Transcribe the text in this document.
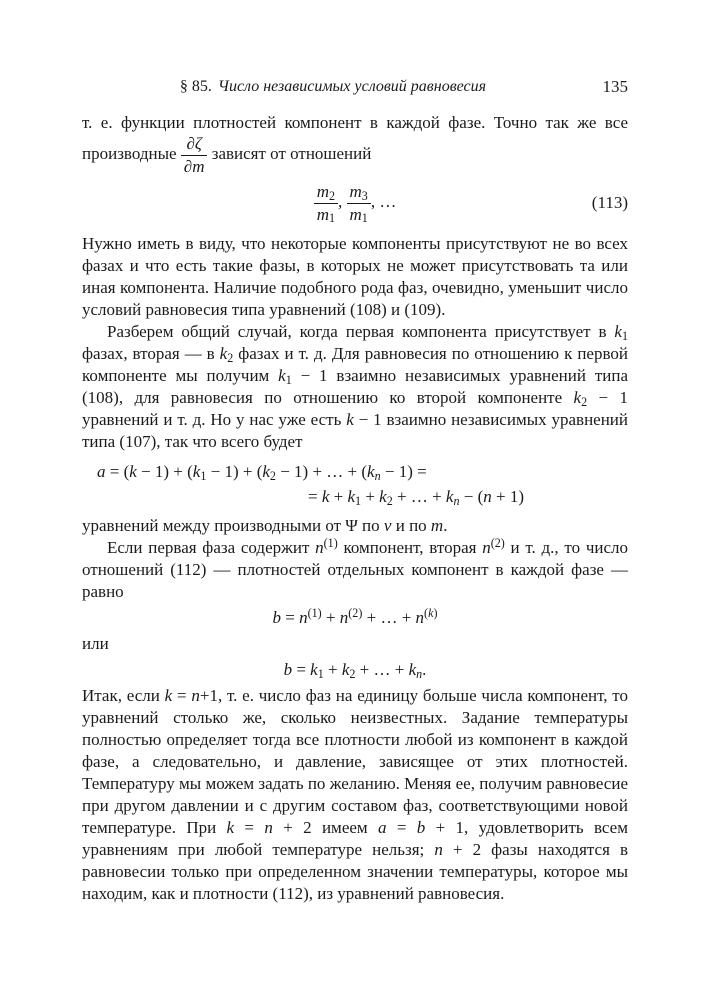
§ 85. Число независимых условий равновесия	135

т. е. функции плотностей компонент в каждой фазе. Точно так же все производные $\frac{\partial\zeta}{\partial m}$ зависят от отношений

$\frac{m_2}{m_1}$ , $\frac{m_3}{m_1}$ , …	(113)

Нужно иметь в виду, что некоторые компоненты присутствуют не во всех фазах и что есть такие фазы, в которых не может присутствовать та или иная компонента. Наличие подобного рода фаз, очевидно, уменьшит число условий равновесия типа уравнений (108) и (109).

Разберем общий случай, когда первая компонента присутствует в $k_1$ фазах, вторая — в $k_2$ фазах и т. д. Для равновесия по отношению к первой компоненте мы получим $k_1 - 1$ взаимно независимых уравнений типа (108), для равновесия по отношению ко второй компоненте $k_2 - 1$ уравнений и т. д. Но у нас уже есть k − 1 взаимно независимых уравнений типа (107), так что всего будет

$a = (k - 1) + (k_1 - 1) + (k_2 - 1)$ + … + $(k_n - 1)$ =
= $k + k_1 + k_2$ + … + $k_n - (n + 1)$

уравнений между производными от Ψ по v и по m.

Если первая фаза содержит $n^{(1)}$ компонент, вторая $n^{(2)}$ и т. д., то число отношений (112) — плотностей отдельных компонент в каждой фазе — равно

$b = n^{(1)} + n^{(2)}$ + … + $n^{(k)}$

или

$b = k_1 + k_2$ + … + $k_n$.

Итак, если k = n+1, т. е. число фаз на единицу больше числа компонент, то уравнений столько же, сколько неизвестных. Задание температуры полностью определяет тогда все плотности любой из компонент в каждой фазе, а следовательно, и давление, зависящее от этих плотностей. Температуру мы можем задать по желанию. Меняя ее, получим равновесие при другом давлении и с другим составом фаз, соответствующими новой температуре. При k = n + 2 имеем a = b + 1, удовлетворить всем уравнениям при любой температуре нельзя; n + 2 фазы находятся в равновесии только при определенном значении температуры, которое мы находим, как и плотности (112), из уравнений равновесия.
